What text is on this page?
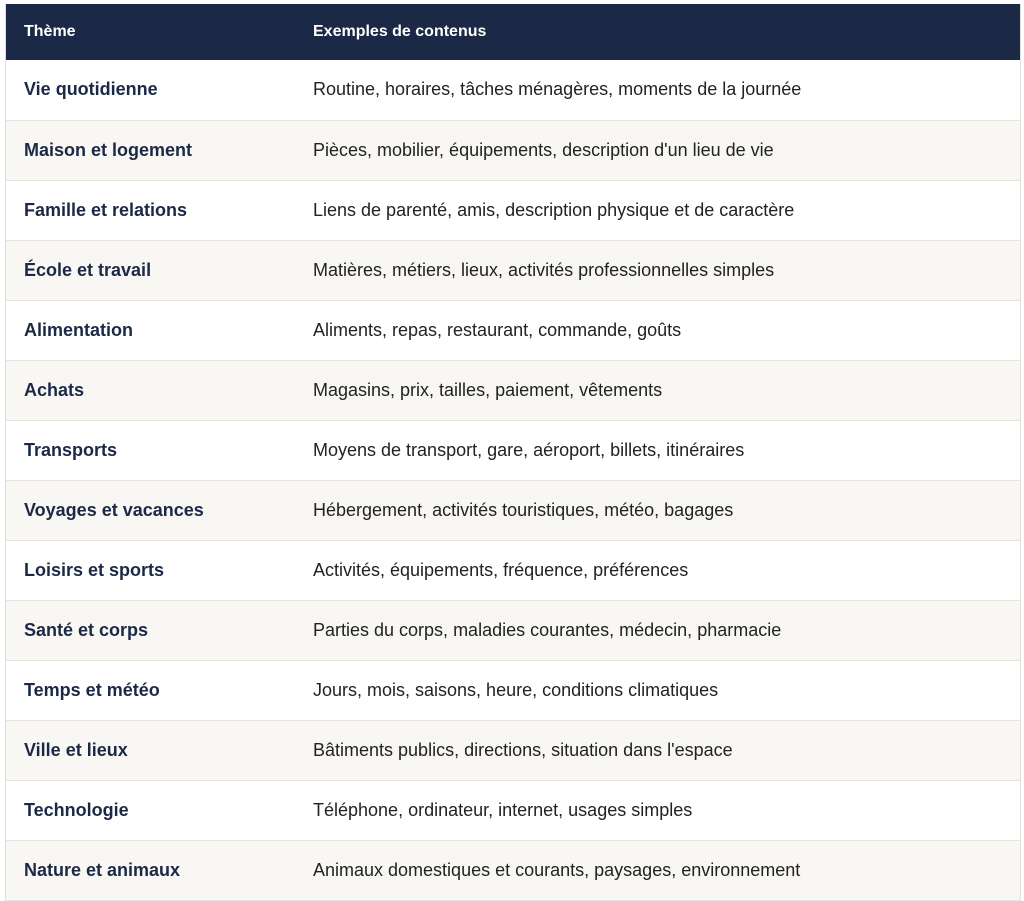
Thème	Exemples de contenus
Vie quotidienne	Routine, horaires, tâches ménagères, moments de la journée
Maison et logement	Pièces, mobilier, équipements, description d'un lieu de vie
Famille et relations	Liens de parenté, amis, description physique et de caractère
École et travail	Matières, métiers, lieux, activités professionnelles simples
Alimentation	Aliments, repas, restaurant, commande, goûts
Achats	Magasins, prix, tailles, paiement, vêtements
Transports	Moyens de transport, gare, aéroport, billets, itinéraires
Voyages et vacances	Hébergement, activités touristiques, météo, bagages
Loisirs et sports	Activités, équipements, fréquence, préférences
Santé et corps	Parties du corps, maladies courantes, médecin, pharmacie
Temps et météo	Jours, mois, saisons, heure, conditions climatiques
Ville et lieux	Bâtiments publics, directions, situation dans l'espace
Technologie	Téléphone, ordinateur, internet, usages simples
Nature et animaux	Animaux domestiques et courants, paysages, environnement
